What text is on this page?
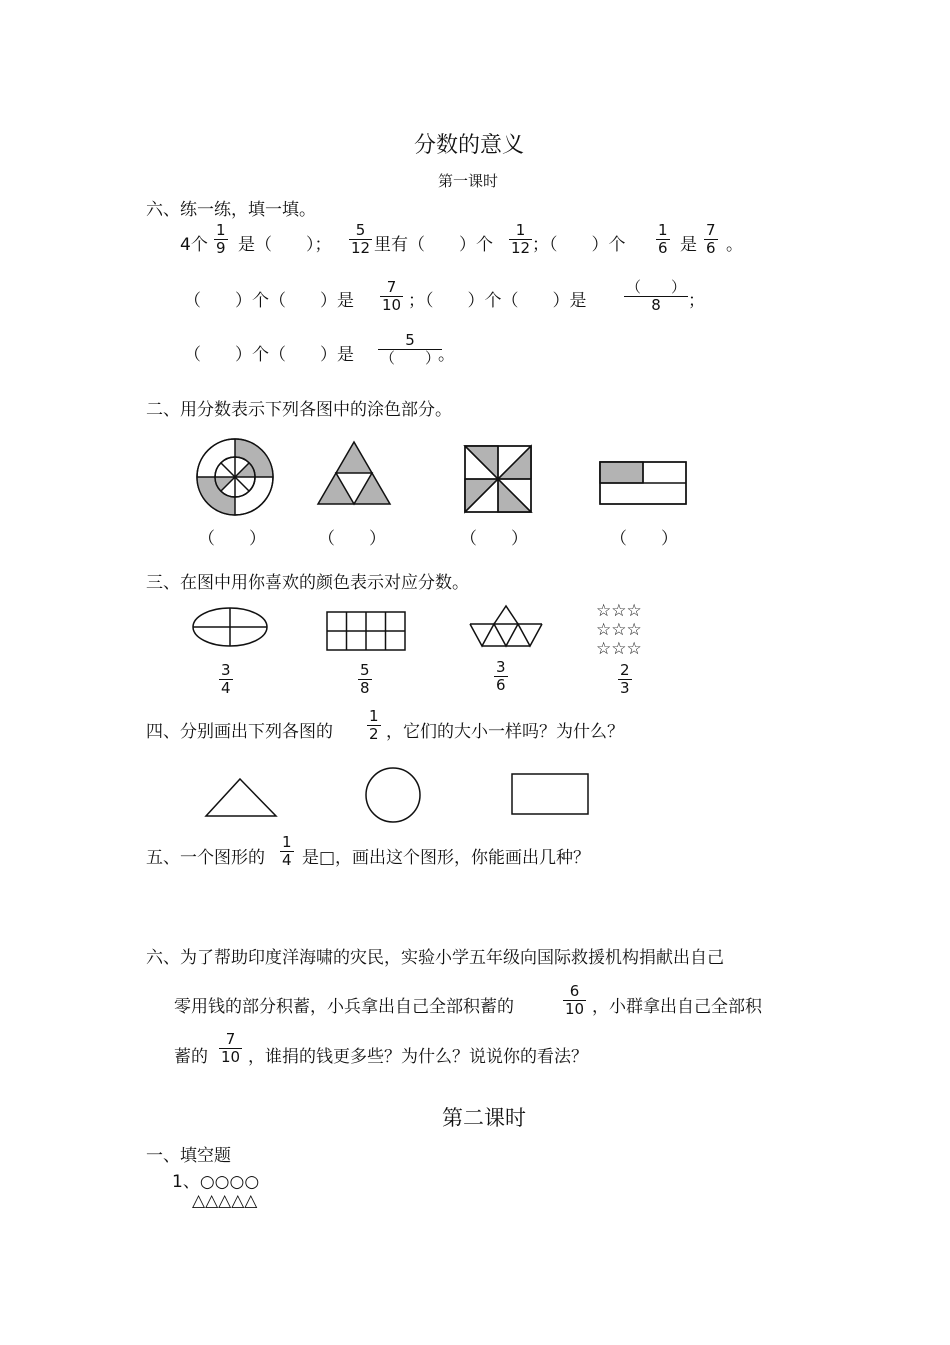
分数的意义
第一课时
六、练一练，填一填。
4个 $\frac{1}{9}$ 是（　　）； $\frac{5}{12}$ 里有（　　）个 $\frac{1}{12}$ ；（　　）个 $\frac{1}{6}$ 是 $\frac{7}{6}$ 。
（　　）个（　　）是 $\frac{7}{10}$ ；（　　）个（　　）是
（　　）
8	；
（　　）个（　　）是
5
（　　）
。
二、用分数表示下列各图中的涂色部分。
（　　）	（　　）	（　　）	（　　）
三、在图中用你喜欢的颜色表示对应分数。
☆☆☆
☆☆☆
☆☆☆
$\frac{3}{4}$	$\frac{5}{8}$	$\frac{3}{6}$	$\frac{2}{3}$
四、分别画出下列各图的 $\frac{1}{2}$ ，它们的大小一样吗？为什么？
五、一个图形的 $\frac{1}{4}$ 是□，画出这个图形，你能画出几种？
六、为了帮助印度洋海啸的灾民，实验小学五年级向国际救援机构捐献出自己
零用钱的部分积蓄，小兵拿出自己全部积蓄的	$\frac{6}{10}$ ，小群拿出自己全部积
蓄的 $\frac{7}{10}$ ，谁捐的钱更多些？为什么？说说你的看法？
第二课时
一、填空题
1、○○○○
△△△△△
